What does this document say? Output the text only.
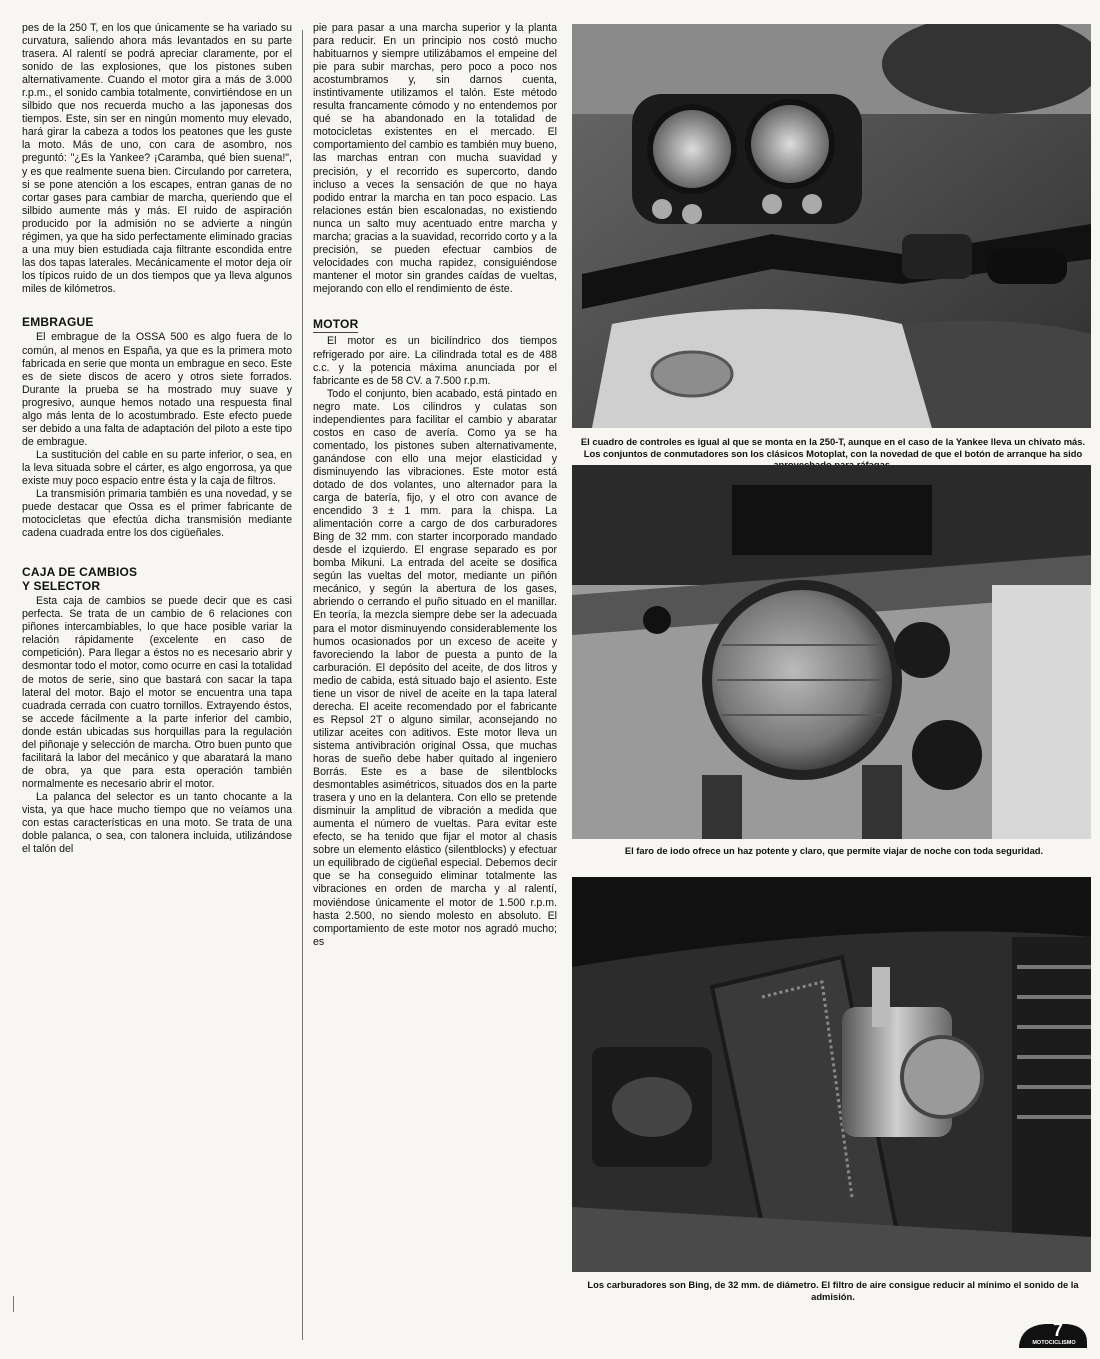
pes de la 250 T, en los que únicamente se ha variado su curvatura, saliendo ahora más levantados en su parte trasera. Al ralentí se podrá apreciar claramente, por el sonido de las explosiones, que los pistones suben alternativamente. Cuando el motor gira a más de 3.000 r.p.m., el sonido cambia totalmente, convirtiéndose en un silbido que nos recuerda mucho a las japonesas dos tiempos. Este, sin ser en ningún momento muy elevado, hará girar la cabeza a todos los peatones que les guste la moto. Más de uno, con cara de asombro, nos preguntó: "¿Es la Yankee? ¡Caramba, qué bien suena!", y es que realmente suena bien. Circulando por carretera, si se pone atención a los escapes, entran ganas de no cortar gases para cambiar de marcha, queriendo que el silbido aumente más y más. El ruido de aspiración producido por la admisión no se advierte a ningún régimen, ya que ha sido perfectamente eliminado gracias a una muy bien estudiada caja filtrante escondida entre las dos tapas laterales. Mecánicamente el motor deja oír los típicos ruido de un dos tiempos que ya lleva algunos miles de kilómetros.

EMBRAGUE

El embrague de la OSSA 500 es algo fuera de lo común, al menos en España, ya que es la primera moto fabricada en serie que monta un embrague en seco. Este es de siete discos de acero y otros siete forrados. Durante la prueba se ha mostrado muy suave y progresivo, aunque hemos notado una respuesta final algo más lenta de lo acostumbrado. Este efecto puede ser debido a una falta de adaptación del piloto a este tipo de embrague.

La sustitución del cable en su parte inferior, o sea, en la leva situada sobre el cárter, es algo engorrosa, ya que existe muy poco espacio entre ésta y la caja de filtros.

La transmisión primaria también es una novedad, y se puede destacar que Ossa es el primer fabricante de motocicletas que efectúa dicha transmisión mediante cadena cuadrada entre los dos cigüeñales.

CAJA DE CAMBIOS
Y SELECTOR

Esta caja de cambios se puede decir que es casi perfecta. Se trata de un cambio de 6 relaciones con piñones intercambiables, lo que hace posible variar la relación rápidamente (excelente en caso de competición). Para llegar a éstos no es necesario abrir y desmontar todo el motor, como ocurre en casi la totalidad de motos de serie, sino que bastará con sacar la tapa lateral del motor. Bajo el motor se encuentra una tapa cuadrada cerrada con cuatro tornillos. Extrayendo éstos, se accede fácilmente a la parte inferior del cambio, donde están ubicadas sus horquillas para la regulación del piñonaje y selección de marcha. Otro buen punto que facilitará la labor del mecánico y que abaratará la mano de obra, ya que para esta operación también normalmente es necesario abrir el motor.

La palanca del selector es un tanto chocante a la vista, ya que hace mucho tiempo que no veíamos una con estas características en una moto. Se trata de una doble palanca, o sea, con talonera incluida, utilizándose el talón del

pie para pasar a una marcha superior y la planta para reducir. En un principio nos costó mucho habituarnos y siempre utilizábamos el empeine del pie para subir marchas, pero poco a poco nos acostumbramos y, sin darnos cuenta, instintivamente utilizamos el talón. Este método resulta francamente cómodo y no entendemos por qué se ha abandonado en la totalidad de motocicletas existentes en el mercado. El comportamiento del cambio es también muy bueno, las marchas entran con mucha suavidad y precisión, y el recorrido es supercorto, dando incluso a veces la sensación de que no haya podido entrar la marcha en tan poco espacio. Las relaciones están bien escalonadas, no existiendo nunca un salto muy acentuado entre marcha y marcha; gracias a la suavidad, recorrido corto y a la precisión, se pueden efectuar cambios de velocidades con mucha rapidez, consiguiéndose mantener el motor sin grandes caídas de vueltas, mejorando con ello el rendimiento de éste.

MOTOR

El motor es un bicilíndrico dos tiempos refrigerado por aire. La cilindrada total es de 488 c.c. y la potencia máxima anunciada por el fabricante es de 58 CV. a 7.500 r.p.m.

Todo el conjunto, bien acabado, está pintado en negro mate. Los cilindros y culatas son independientes para facilitar el cambio y abaratar costos en caso de avería. Como ya se ha comentado, los pistones suben alternativamente, ganándose con ello una mejor elasticidad y disminuyendo las vibraciones. Este motor está dotado de dos volantes, uno alternador para la carga de batería, fijo, y el otro con avance de encendido 3 ± 1 mm. para la chispa. La alimentación corre a cargo de dos carburadores Bing de 32 mm. con starter incorporado mandado desde el izquierdo. El engrase separado es por bomba Mikuni. La entrada del aceite se dosifica según las vueltas del motor, mediante un piñón mecánico, y según la abertura de los gases, abriendo o cerrando el puño situado en el manillar. En teoría, la mezcla siempre debe ser la adecuada para el motor disminuyendo considerablemente los humos ocasionados por un exceso de aceite y favoreciendo la labor de puesta a punto de la carburación. El depósito del aceite, de dos litros y medio de cabida, está situado bajo el asiento. Este tiene un visor de nivel de aceite en la tapa lateral derecha. El aceite recomendado por el fabricante es Repsol 2T o alguno similar, aconsejando no utilizar aceites con aditivos. Este motor lleva un sistema antivibración original Ossa, que muchas horas de sueño debe haber quitado al ingeniero Borrás. Este es a base de silentblocks desmontables asimétricos, situados dos en la parte trasera y uno en la delantera. Con ello se pretende disminuir la amplitud de vibración a medida que aumenta el número de vueltas. Para evitar este efecto, se ha tenido que fijar el motor al chasis sobre un elemento elástico (silentblocks) y efectuar un equilibrado de cigüeñal especial. Debemos decir que se ha conseguido eliminar totalmente las vibraciones en orden de marcha y al ralentí, moviéndose únicamente el motor de 1.500 r.p.m. hasta 2.500, no siendo molesto en absoluto. El comportamiento de este motor nos agradó mucho; es

El cuadro de controles es igual al que se monta en la 250-T, aunque en el caso de la Yankee lleva un chivato más. Los conjuntos de conmutadores son los clásicos Motoplat, con la novedad de que el botón de arranque ha sido
El faro de iodo ofrece un haz potente y claro, que permite viajar de noche con toda seguridad.
Los carburadores son Bing, de 32 mm. de diámetro. El filtro de aire consigue reducir al mínimo el sonido de la admisión.
7
MOTOCICLISMO
